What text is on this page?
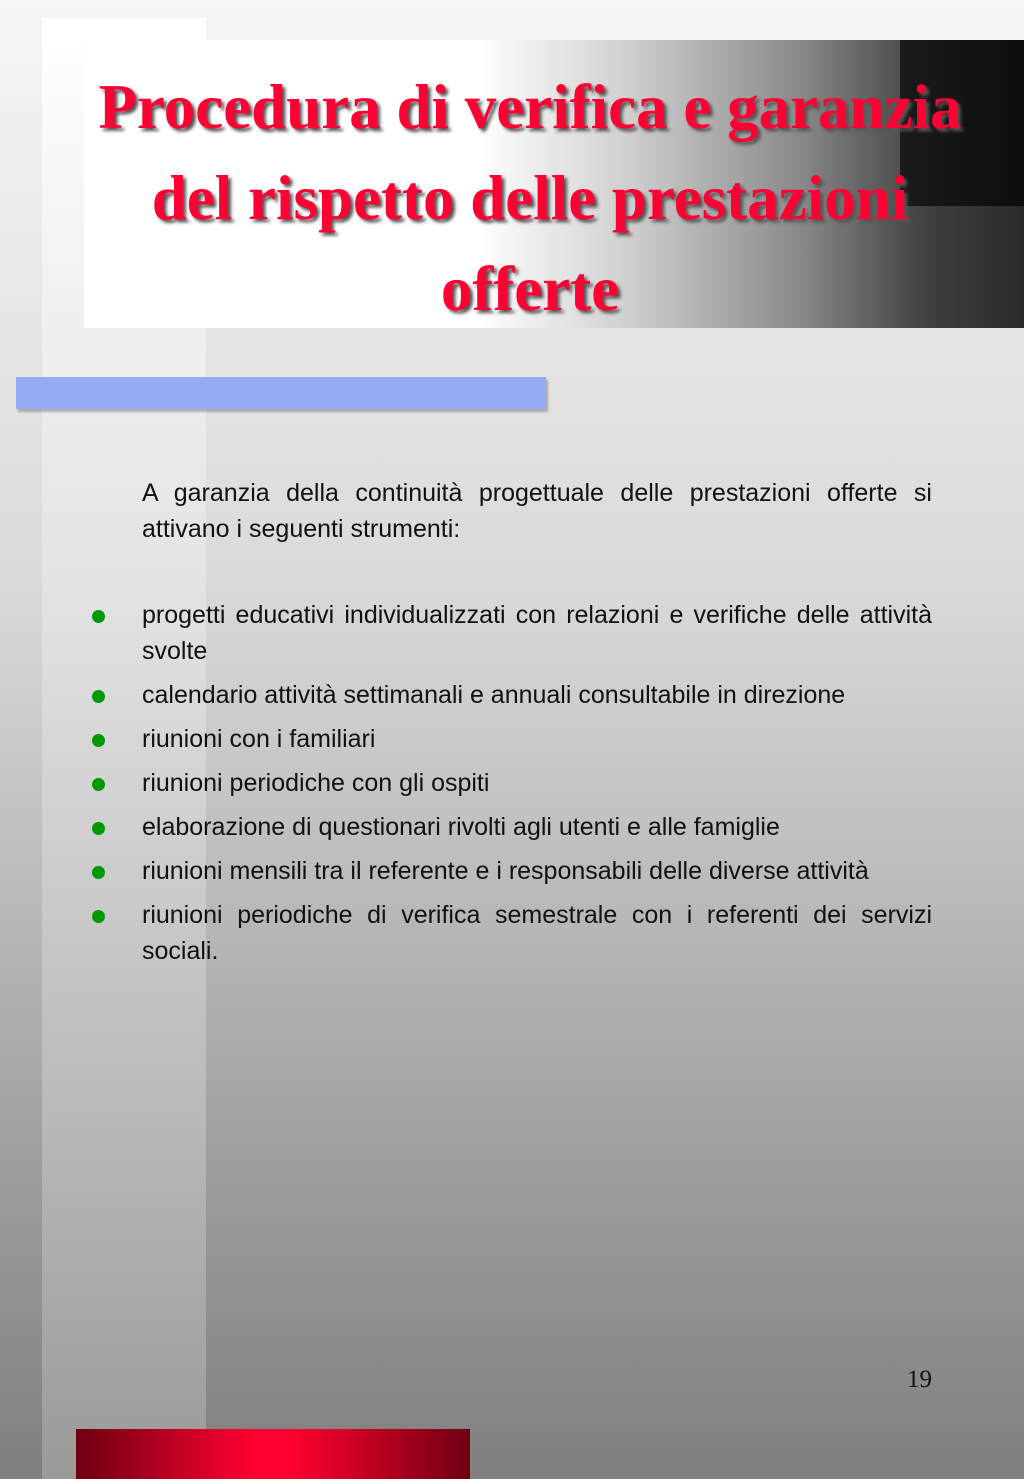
Procedura di verifica e garanzia del rispetto delle prestazioni offerte

A garanzia della continuità progettuale delle prestazioni offerte si attivano i seguenti strumenti:

progetti educativi individualizzati con relazioni e verifiche delle attività svolte
calendario attività settimanali e annuali consultabile in direzione
riunioni con i familiari
riunioni periodiche con gli ospiti
elaborazione di questionari rivolti agli utenti e alle famiglie
riunioni mensili tra il referente e i responsabili delle diverse attività
riunioni periodiche di verifica semestrale con i referenti dei servizi sociali.
19
